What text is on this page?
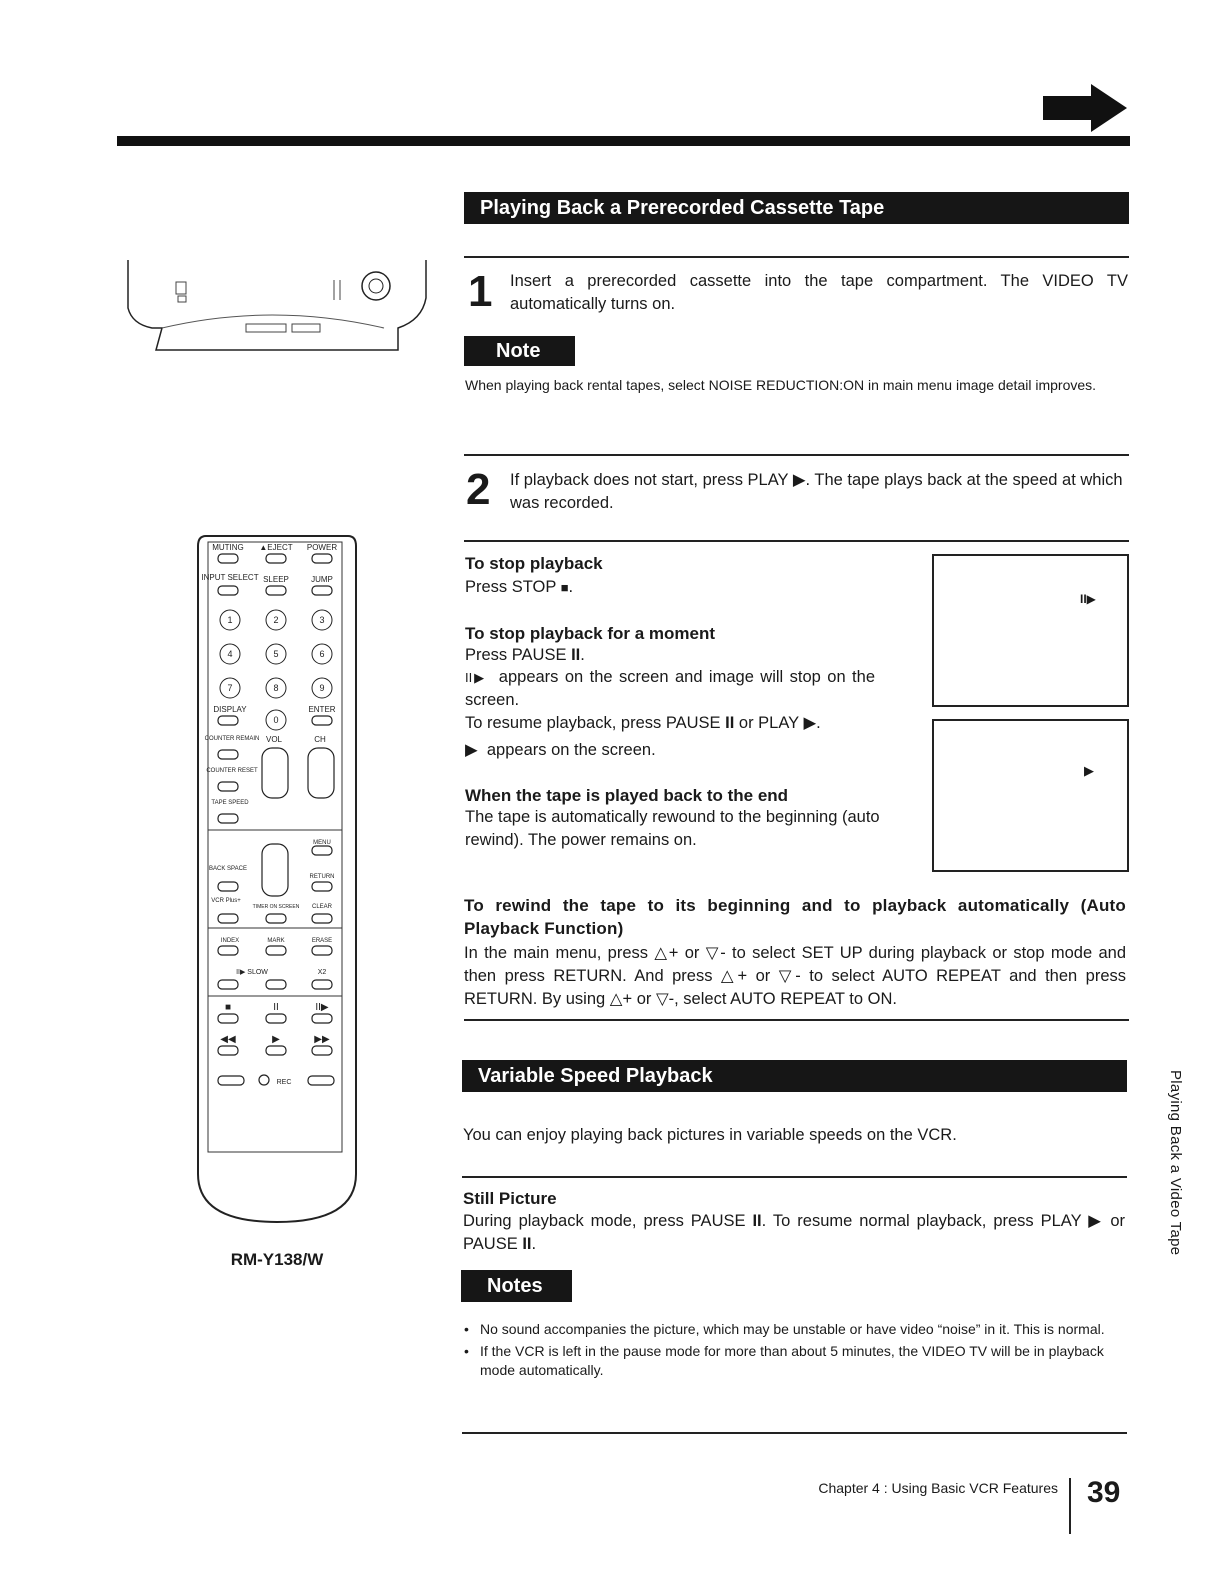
MUTING ▲EJECT POWER
INPUT SELECT SLEEP	JUMP
DISPLAY	ENTER
COUNTER REMAIN VOL	CH
COUNTER RESET
TAPE SPEED
MENU
BACK SPACE
RETURN
VCR Plus+
TIMER ON SCREEN CLEAR
INDEX	MARK	ERASE
II▶ SLOW	X2
REC
1	2	3
4	5	6
7	8	9
0
■	II	II▶
◀◀	▶	▶▶
RM-Y138/W
Playing Back a Prerecorded Cassette Tape
1 Insert a prerecorded cassette into the tape compartment. The VIDEO TV automatically turns on.
Note
When playing back rental tapes, select NOISE REDUCTION:ON in main menu image detail improves.
2 If playback does not start, press PLAY ▶. The tape plays back at the speed at which was recorded.
To stop playback
Press STOP ■.
To stop playback for a moment
Press PAUSE II.
II▶ appears on the screen and image will stop on the screen.
To resume playback, press PAUSE II or PLAY ▶.
▶ appears on the screen.
When the tape is played back to the end
The tape is automatically rewound to the beginning (auto rewind). The power remains on.
II▶
▶
To rewind the tape to its beginning and to playback automatically (Auto Playback Function)
In the main menu, press △+ or ▽- to select SET UP during playback or stop mode and then press RETURN. And press △+ or ▽- to select AUTO REPEAT and then press RETURN. By using △+ or ▽-, select AUTO REPEAT to ON.
Variable Speed Playback
You can enjoy playing back pictures in variable speeds on the VCR.
Still Picture
During playback mode, press PAUSE II. To resume normal playback, press PLAY ▶ or PAUSE II.
Notes
• No sound accompanies the picture, which may be unstable or have video “noise” in it. This is normal.
• If the VCR is left in the pause mode for more than about 5 minutes, the VIDEO TV will be in playback mode automatically.
Playing Back a Video Tape
Chapter 4 : Using Basic VCR Features 39
